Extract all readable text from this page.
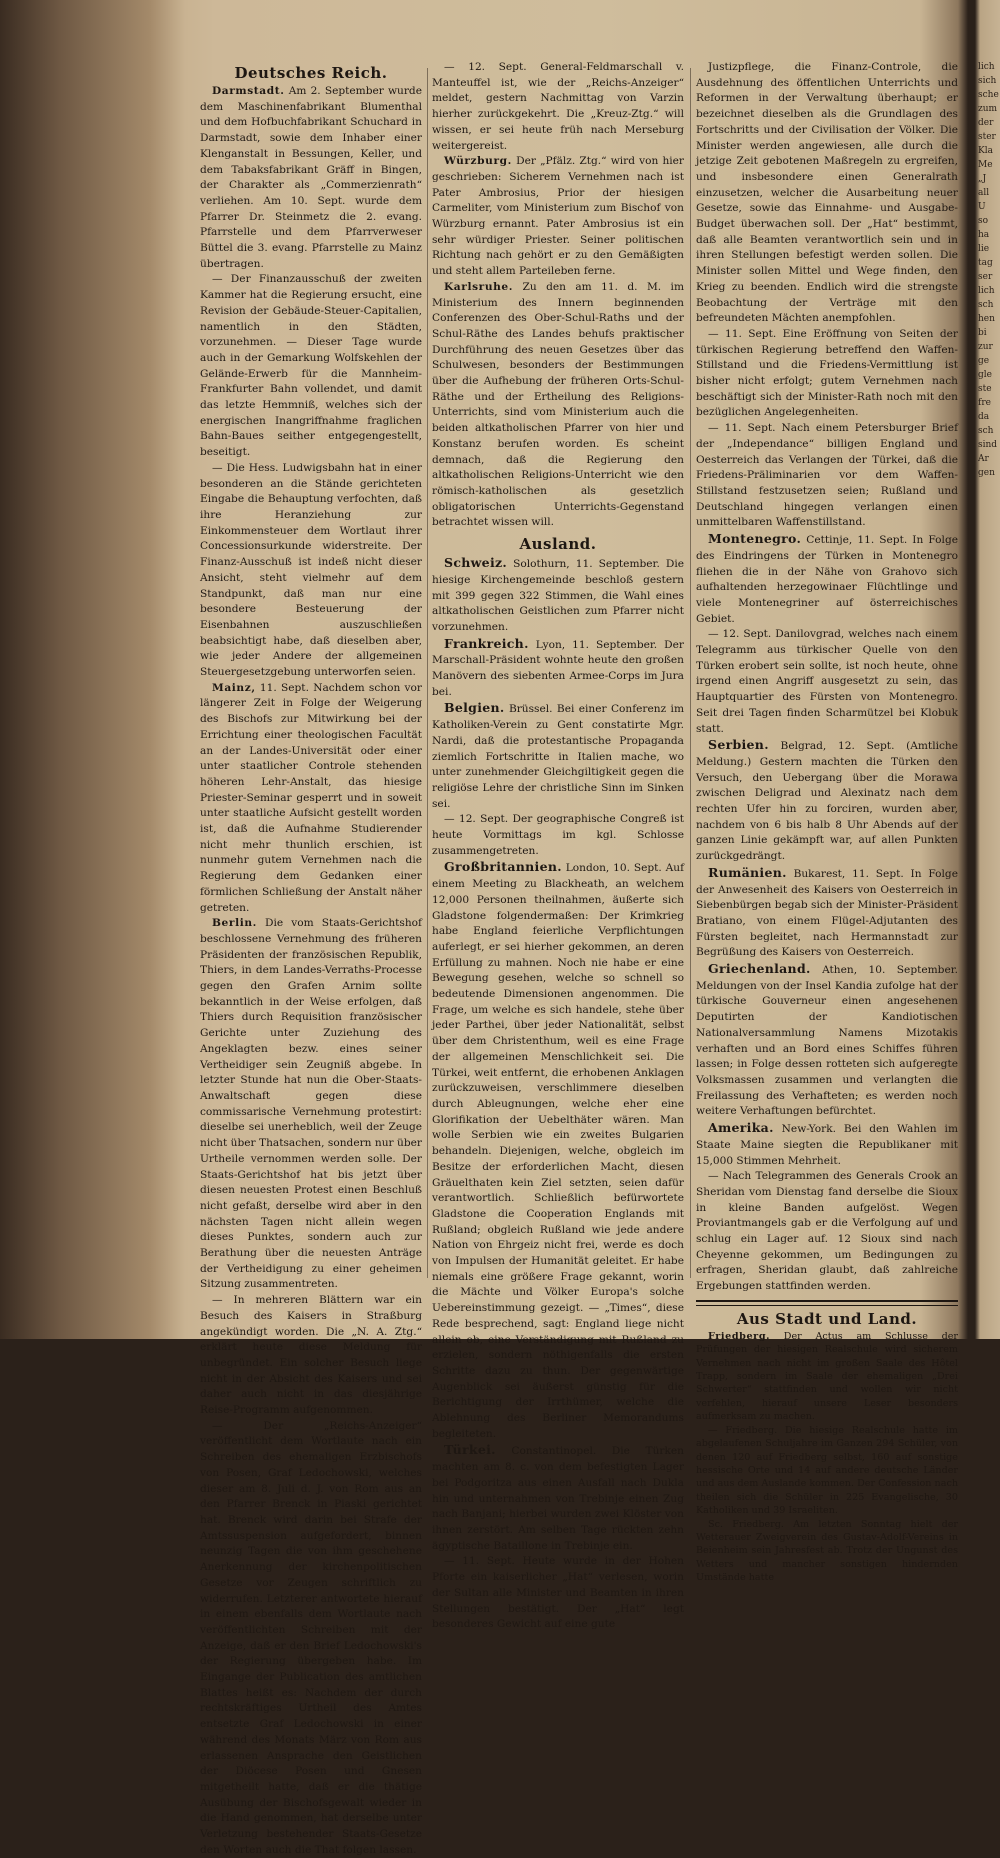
Deutsches Reich.

Darmstadt. Am 2. September wurde dem Maschinenfabrikant Blumenthal und dem Hofbuchfabrikant Schuchard in Darmstadt, sowie dem Inhaber einer Klenganstalt in Bessungen, Keller, und dem Tabaksfabrikant Gräff in Bingen, der Charakter als „Commerzienrath“ verliehen. Am 10. Sept. wurde dem Pfarrer Dr. Steinmetz die 2. evang. Pfarrstelle und dem Pfarrverweser Büttel die 3. evang. Pfarrstelle zu Mainz übertragen.

— Der Finanzausschuß der zweiten Kammer hat die Regierung ersucht, eine Revision der Gebäude-Steuer-Capitalien, namentlich in den Städten, vorzunehmen. — Dieser Tage wurde auch in der Gemarkung Wolfskehlen der Gelände-Erwerb für die Mannheim-Frankfurter Bahn vollendet, und damit das letzte Hemmniß, welches sich der energischen Inangriffnahme fraglichen Bahn-Baues seither entgegengestellt, beseitigt.

— Die Hess. Ludwigsbahn hat in einer besonderen an die Stände gerichteten Eingabe die Behauptung verfochten, daß ihre Heranziehung zur Einkommensteuer dem Wortlaut ihrer Concessionsurkunde widerstreite. Der Finanz-Ausschuß ist indeß nicht dieser Ansicht, steht vielmehr auf dem Standpunkt, daß man nur eine besondere Besteuerung der Eisenbahnen auszuschließen beabsichtigt habe, daß dieselben aber, wie jeder Andere der allgemeinen Steuergesetzgebung unterworfen seien.

Mainz, 11. Sept. Nachdem schon vor längerer Zeit in Folge der Weigerung des Bischofs zur Mitwirkung bei der Errichtung einer theologischen Facultät an der Landes-Universität oder einer unter staatlicher Controle stehenden höheren Lehr-Anstalt, das hiesige Priester-Seminar gesperrt und in soweit unter staatliche Aufsicht gestellt worden ist, daß die Aufnahme Studierender nicht mehr thunlich erschien, ist nunmehr gutem Vernehmen nach die Regierung dem Gedanken einer förmlichen Schließung der Anstalt näher getreten.

Berlin. Die vom Staats-Gerichtshof beschlossene Vernehmung des früheren Präsidenten der französischen Republik, Thiers, in dem Landes-Verraths-Processe gegen den Grafen Arnim sollte bekanntlich in der Weise erfolgen, daß Thiers durch Requisition französischer Gerichte unter Zuziehung des Angeklagten bezw. eines seiner Vertheidiger sein Zeugniß abgebe. In letzter Stunde hat nun die Ober-Staats-Anwaltschaft gegen diese commissarische Vernehmung protestirt: dieselbe sei unerheblich, weil der Zeuge nicht über Thatsachen, sondern nur über Urtheile vernommen werden solle. Der Staats-Gerichtshof hat bis jetzt über diesen neuesten Protest einen Beschluß nicht gefaßt, derselbe wird aber in den nächsten Tagen nicht allein wegen dieses Punktes, sondern auch zur Berathung über die neuesten Anträge der Vertheidigung zu einer geheimen Sitzung zusammentreten.

— In mehreren Blättern war ein Besuch des Kaisers in Straßburg angekündigt worden. Die „N. A. Ztg.“ erklärt heute diese Meldung für unbegründet. Ein solcher Besuch liege nicht in der Absicht des Kaisers und sei daher auch nicht in das diesjährige Reise-Programm aufgenommen.

— Der „Reichs-Anzeiger“ veröffentlicht dem Wortlaute nach ein Schreiben des ehemaligen Erzbischofs von Posen, Graf Ledochowski, welches dieser am 8. Juli d. J. von Rom aus an den Pfarrer Brenck in Piaski gerichtet hat. Brenck wird darin bei Strafe der Amtssuspension aufgefordert, binnen neunzig Tagen die von ihm geschehene Anerkennung der kirchenpolitischen Gesetze vor Zeugen schriftlich zu widerrufen. Letzterer antwortete hierauf in einem ebenfalls dem Wortlaute nach veröffentlichten Schreiben mit der Anzeige, daß er den Brief Ledochowski's der Regierung übergeben habe. Im Eingange der Publication des amtlichen Blattes heißt es: Nachdem der durch rechtskräftiges Urtheil des Amtes entsetzte Graf Ledochowski in einer während des Monats März von Rom aus erlassenen Ansprache den Geistlichen der Diöcese Posen und Gnesen mitgetheilt hatte, daß er die thätige Ausübung der Bischofsgewalt wieder in die Hand genommen, hat derselbe unter Verletzung bestehender Staats-Gesetze den Worten auch die That folgen lassen.

— 12. Sept. General-Feldmarschall v. Manteuffel ist, wie der „Reichs-Anzeiger“ meldet, gestern Nachmittag von Varzin hierher zurückgekehrt. Die „Kreuz-Ztg.“ will wissen, er sei heute früh nach Merseburg weitergereist.

Würzburg. Der „Pfälz. Ztg.“ wird von hier geschrieben: Sicherem Vernehmen nach ist Pater Ambrosius, Prior der hiesigen Carmeliter, vom Ministerium zum Bischof von Würzburg ernannt. Pater Ambrosius ist ein sehr würdiger Priester. Seiner politischen Richtung nach gehört er zu den Gemäßigten und steht allem Parteileben ferne.

Karlsruhe. Zu den am 11. d. M. im Ministerium des Innern beginnenden Conferenzen des Ober-Schul-Raths und der Schul-Räthe des Landes behufs praktischer Durchführung des neuen Gesetzes über das Schulwesen, besonders der Bestimmungen über die Aufhebung der früheren Orts-Schul-Räthe und der Ertheilung des Religions-Unterrichts, sind vom Ministerium auch die beiden altkatholischen Pfarrer von hier und Konstanz berufen worden. Es scheint demnach, daß die Regierung den altkatholischen Religions-Unterricht wie den römisch-katholischen als gesetzlich obligatorischen Unterrichts-Gegenstand betrachtet wissen will.

Ausland.

Schweiz. Solothurn, 11. September. Die hiesige Kirchengemeinde beschloß gestern mit 399 gegen 322 Stimmen, die Wahl eines altkatholischen Geistlichen zum Pfarrer nicht vorzunehmen.

Frankreich. Lyon, 11. September. Der Marschall-Präsident wohnte heute den großen Manövern des siebenten Armee-Corps im Jura bei.

Belgien. Brüssel. Bei einer Conferenz im Katholiken-Verein zu Gent constatirte Mgr. Nardi, daß die protestantische Propaganda ziemlich Fortschritte in Italien mache, wo unter zunehmender Gleichgiltigkeit gegen die religiöse Lehre der christliche Sinn im Sinken sei.

— 12. Sept. Der geographische Congreß ist heute Vormittags im kgl. Schlosse zusammengetreten.

Großbritannien. London, 10. Sept. Auf einem Meeting zu Blackheath, an welchem 12,000 Personen theilnahmen, äußerte sich Gladstone folgendermaßen: Der Krimkrieg habe England feierliche Verpflichtungen auferlegt, er sei hierher gekommen, an deren Erfüllung zu mahnen. Noch nie habe er eine Bewegung gesehen, welche so schnell so bedeutende Dimensionen angenommen. Die Frage, um welche es sich handele, stehe über jeder Parthei, über jeder Nationalität, selbst über dem Christenthum, weil es eine Frage der allgemeinen Menschlichkeit sei. Die Türkei, weit entfernt, die erhobenen Anklagen zurückzuweisen, verschlimmere dieselben durch Ableugnungen, welche eher eine Glorifikation der Uebelthäter wären. Man wolle Serbien wie ein zweites Bulgarien behandeln. Diejenigen, welche, obgleich im Besitze der erforderlichen Macht, diesen Gräuelthaten kein Ziel setzten, seien dafür verantwortlich. Schließlich befürwortete Gladstone die Cooperation Englands mit Rußland; obgleich Rußland wie jede andere Nation von Ehrgeiz nicht frei, werde es doch von Impulsen der Humanität geleitet. Er habe niemals eine größere Frage gekannt, worin die Mächte und Völker Europa's solche Uebereinstimmung gezeigt. — „Times“, diese Rede besprechend, sagt: England liege nicht allein ob, eine Verständigung mit Rußland zu erzielen, sondern nöthigenfalls die ersten Schritte dazu zu thun. Der gegenwärtige Augenblick sei äußerst günstig für die Berichtigung der Irrthümer, welche die Ablehnung des Berliner Memorandums begleiteten.

Türkei. Constantinopel. Die Türken machten am 8. c. von dem befestigten Lager bei Podgoritza aus einen Ausfall nach Dukla hin und unternahmen von Trebinje einen Zug nach Banjani; hierbei wurden zwei Klöster von ihnen zerstört. Am selben Tage rückten zehn ägyptische Bataillone in Trebinje ein.

— 11. Sept. Heute wurde in der Hohen Pforte ein kaiserlicher „Hat“ verlesen, worin der Sultan alle Minister und Beamten in ihren Stellungen bestätigt. Der „Hat“ legt besonderes Gewicht auf eine gute

Justizpflege, die Finanz-Controle, die Ausdehnung des öffentlichen Unterrichts und Reformen in der Verwaltung überhaupt; er bezeichnet dieselben als die Grundlagen des Fortschritts und der Civilisation der Völker. Die Minister werden angewiesen, alle durch die jetzige Zeit gebotenen Maßregeln zu ergreifen, und insbesondere einen Generalrath einzusetzen, welcher die Ausarbeitung neuer Gesetze, sowie das Einnahme- und Ausgabe-Budget überwachen soll. Der „Hat“ bestimmt, daß alle Beamten verantwortlich sein und in ihren Stellungen befestigt werden sollen. Die Minister sollen Mittel und Wege finden, den Krieg zu beenden. Endlich wird die strengste Beobachtung der Verträge mit den befreundeten Mächten anempfohlen.

— 11. Sept. Eine Eröffnung von Seiten der türkischen Regierung betreffend den Waffen-Stillstand und die Friedens-Vermittlung ist bisher nicht erfolgt; gutem Vernehmen nach beschäftigt sich der Minister-Rath noch mit den bezüglichen Angelegenheiten.

— 11. Sept. Nach einem Petersburger Brief der „Independance“ billigen England und Oesterreich das Verlangen der Türkei, daß die Friedens-Präliminarien vor dem Waffen-Stillstand festzusetzen seien; Rußland und Deutschland hingegen verlangen einen unmittelbaren Waffenstillstand.

Montenegro. Cettinje, 11. Sept. In Folge des Eindringens der Türken in Montenegro fliehen die in der Nähe von Grahovo sich aufhaltenden herzegowinaer Flüchtlinge und viele Montenegriner auf österreichisches Gebiet.

— 12. Sept. Danilovgrad, welches nach einem Telegramm aus türkischer Quelle von den Türken erobert sein sollte, ist noch heute, ohne irgend einen Angriff ausgesetzt zu sein, das Hauptquartier des Fürsten von Montenegro. Seit drei Tagen finden Scharmützel bei Klobuk statt.

Serbien. Belgrad, 12. Sept. (Amtliche Meldung.) Gestern machten die Türken den Versuch, den Uebergang über die Morawa zwischen Deligrad und Alexinatz nach dem rechten Ufer hin zu forciren, wurden aber, nachdem von 6 bis halb 8 Uhr Abends auf der ganzen Linie gekämpft war, auf allen Punkten zurückgedrängt.

Rumänien. Bukarest, 11. Sept. In Folge der Anwesenheit des Kaisers von Oesterreich in Siebenbürgen begab sich der Minister-Präsident Bratiano, von einem Flügel-Adjutanten des Fürsten begleitet, nach Hermannstadt zur Begrüßung des Kaisers von Oesterreich.

Griechenland. Athen, 10. September. Meldungen von der Insel Kandia zufolge hat der türkische Gouverneur einen angesehenen Deputirten der Kandiotischen Nationalversammlung Namens Mizotakis verhaften und an Bord eines Schiffes führen lassen; in Folge dessen rotteten sich aufgeregte Volksmassen zusammen und verlangten die Freilassung des Verhafteten; es werden noch weitere Verhaftungen befürchtet.

Amerika. New-York. Bei den Wahlen im Staate Maine siegten die Republikaner mit 15,000 Stimmen Mehrheit.

— Nach Telegrammen des Generals Crook an Sheridan vom Dienstag fand derselbe die Sioux in kleine Banden aufgelöst. Wegen Proviantmangels gab er die Verfolgung auf und schlug ein Lager auf. 12 Sioux sind nach Cheyenne gekommen, um Bedingungen zu erfragen, Sheridan glaubt, daß zahlreiche Ergebungen stattfinden werden.

Aus Stadt und Land.

Friedberg. Der Actus am Schlusse der Prüfungen der hiesigen Realschule wird sicherem Vernehmen nach nicht im großen Saale des Hôtel Trapp, sondern im Saale der ehemaligen „Drei Schwerter“ stattfinden und wollen wir nicht verfehlen, hierauf unsere Leser besonders aufmerksam zu machen.

— Friedberg. Die hiesige Realschule hatte im abgelaufenen Schuljahre im Ganzen 294 Schüler, von denen 120 auf Friedberg selbst, 160 auf sonstige hessische Orte und 14 auf andere deutsche Länder und aus dem Auslande kommen. Der Confession nach theilen sich die Schüler in 225 Evangelische, 30 Katholiken und 39 Israeliten.

Sc. Friedberg. Am letzten Sonntag hielt der Wetterauer Zweigverein des Gustav-Adolf-Vereins in Beienheim sein Jahresfest ab. Trotz der Ungunst des Wetters und mancher sonstigen hindernden Umstände hatte

lich
sich
sche
zum
der
ster
Kla
Me
„J
all
U
so
ha
lie
tag
ser
lich
sch
hen
bi
zur
ge
gle
ste
fre
da
sch
sind
Ar
gen
